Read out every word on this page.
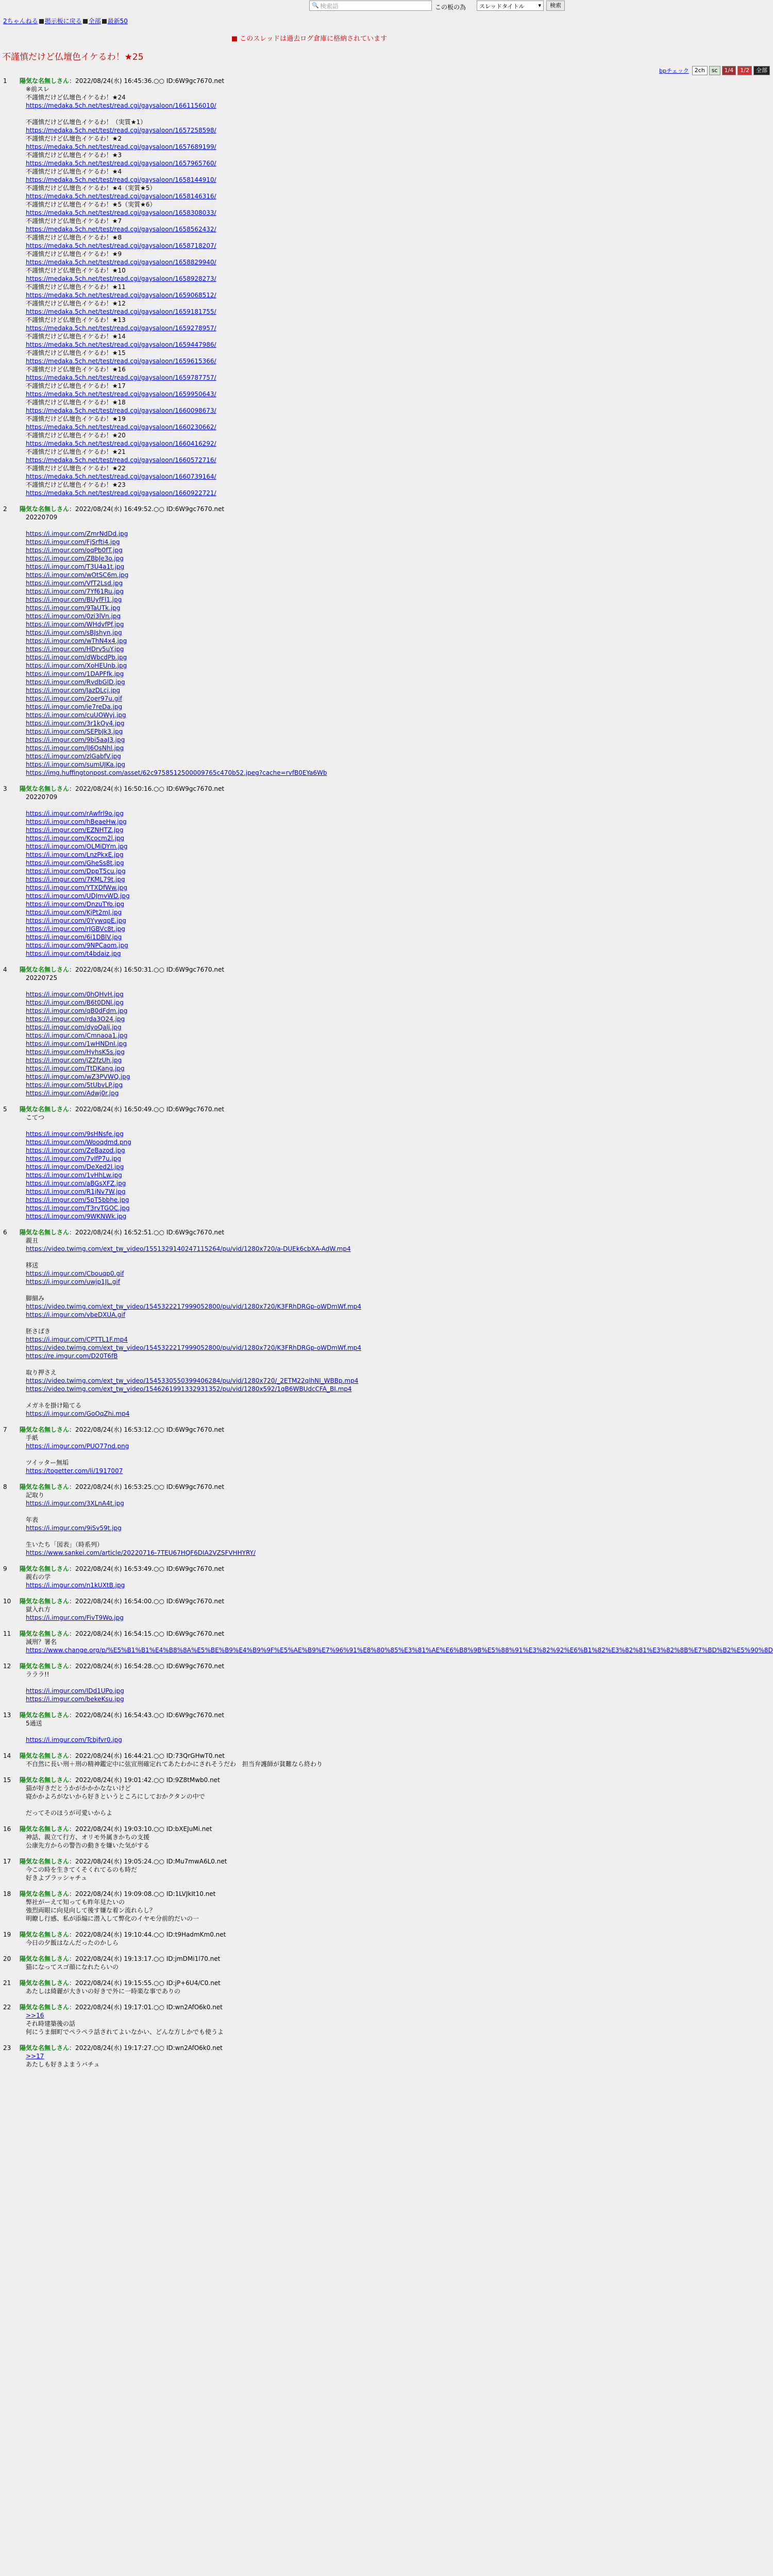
2ちゃんねる 掲示板に戻る 全部 最新50
🔍 検索語	この板の為	スレッドタイトル ▾	検索
■ このスレッドは過去ログ倉庫に格納されています
不謹慎だけど仏壇色イケるわ！★25
bpチェック	2ch	sc	1/4	1/2	全部
1 陽気な名無しさん：2022/08/24(水) 16:45:36.○○ ID:6W9gc7670.net
※前スレ
不謹慎だけど仏壇色イケるわ！★24
https://medaka.5ch.net/test/read.cgi/gaysaloon/1661156010/
不謹慎だけど仏壇色イケるわ！（実質★1）
https://medaka.5ch.net/test/read.cgi/gaysaloon/1657258598/
不謹慎だけど仏壇色イケるわ！★2
https://medaka.5ch.net/test/read.cgi/gaysaloon/1657689199/
不謹慎だけど仏壇色イケるわ！★3
https://medaka.5ch.net/test/read.cgi/gaysaloon/1657965760/
不謹慎だけど仏壇色イケるわ！★4
https://medaka.5ch.net/test/read.cgi/gaysaloon/1658144910/
不謹慎だけど仏壇色イケるわ！★4（実質★5）
https://medaka.5ch.net/test/read.cgi/gaysaloon/1658146316/
不謹慎だけど仏壇色イケるわ！★5（実質★6）
https://medaka.5ch.net/test/read.cgi/gaysaloon/1658308033/
不謹慎だけど仏壇色イケるわ！★7
https://medaka.5ch.net/test/read.cgi/gaysaloon/1658562432/
不謹慎だけど仏壇色イケるわ！★8
https://medaka.5ch.net/test/read.cgi/gaysaloon/1658718207/
不謹慎だけど仏壇色イケるわ！★9
https://medaka.5ch.net/test/read.cgi/gaysaloon/1658829940/
不謹慎だけど仏壇色イケるわ！★10
https://medaka.5ch.net/test/read.cgi/gaysaloon/1658928273/
不謹慎だけど仏壇色イケるわ！★11
https://medaka.5ch.net/test/read.cgi/gaysaloon/1659068512/
不謹慎だけど仏壇色イケるわ！★12
https://medaka.5ch.net/test/read.cgi/gaysaloon/1659181755/
不謹慎だけど仏壇色イケるわ！★13
https://medaka.5ch.net/test/read.cgi/gaysaloon/1659278957/
不謹慎だけど仏壇色イケるわ！★14
https://medaka.5ch.net/test/read.cgi/gaysaloon/1659447986/
不謹慎だけど仏壇色イケるわ！★15
https://medaka.5ch.net/test/read.cgi/gaysaloon/1659615366/
不謹慎だけど仏壇色イケるわ！★16
https://medaka.5ch.net/test/read.cgi/gaysaloon/1659787757/
不謹慎だけど仏壇色イケるわ！★17
https://medaka.5ch.net/test/read.cgi/gaysaloon/1659950643/
不謹慎だけど仏壇色イケるわ！★18
https://medaka.5ch.net/test/read.cgi/gaysaloon/1660098673/
不謹慎だけど仏壇色イケるわ！★19
https://medaka.5ch.net/test/read.cgi/gaysaloon/1660230662/
不謹慎だけど仏壇色イケるわ！★20
https://medaka.5ch.net/test/read.cgi/gaysaloon/1660416292/
不謹慎だけど仏壇色イケるわ！★21
https://medaka.5ch.net/test/read.cgi/gaysaloon/1660572716/
不謹慎だけど仏壇色イケるわ！★22
https://medaka.5ch.net/test/read.cgi/gaysaloon/1660739164/
不謹慎だけど仏壇色イケるわ！★23
https://medaka.5ch.net/test/read.cgi/gaysaloon/1660922721/
2 陽気な名無しさん：2022/08/24(水) 16:49:52.○○ ID:6W9gc7670.net
20220709
https://i.imgur.com/ZmrNdDd.jpg
https://i.imgur.com/FjSrfti4.jpg
https://i.imgur.com/oqPb0fT.jpg
https://i.imgur.com/ZBbJe3o.jpg
https://i.imgur.com/T3U4a1t.jpg
https://i.imgur.com/wOtSC6m.jpg
https://i.imgur.com/VfT2Lsd.jpg
https://i.imgur.com/7Yf61Ru.jpg
https://i.imgur.com/BUyfFl1.jpg
https://i.imgur.com/9TaUTk.jpg
https://i.imgur.com/0zi3lVn.jpg
https://i.imgur.com/WHdvfPf.jpg
https://i.imgur.com/sBJshyn.jpg
https://i.imgur.com/wThN4x4.jpg
https://i.imgur.com/HDrv5uY.jpg
https://i.imgur.com/dWbcdPb.jpg
https://i.imgur.com/XoHEUnb.jpg
https://i.imgur.com/1DAPFfk.jpg
https://i.imgur.com/RvdbGlD.jpg
https://i.imgur.com/JazDLcj.jpg
https://i.imgur.com/2oer97u.gif
https://i.imgur.com/ie7reDa.jpg
https://i.imgur.com/cuUOWyj.jpg
https://i.imgur.com/3r1kOy4.jpg
https://i.imgur.com/SEPbJk3.jpg
https://i.imgur.com/9bi5aaJ3.jpg
https://i.imgur.com/lJ6OsNhl.jpg
https://i.imgur.com/zlGabfV.jpg
https://i.imgur.com/sumUJKa.jpg
https://img.huffingtonpost.com/asset/62c9758512500009765c470b52.jpeg?cache=rvfB0EYa6Wb
3 陽気な名無しさん：2022/08/24(水) 16:50:16.○○ ID:6W9gc7670.net
20220709
https://i.imgur.com/rAwfrl9o.jpg
https://i.imgur.com/hBeaeHw.jpg
https://i.imgur.com/EZNHTZ.jpg
https://i.imgur.com/Kcocm2l.jpg
https://i.imgur.com/OLMiDYm.jpg
https://i.imgur.com/LnzPkxE.jpg
https://i.imgur.com/GheSs8t.jpg
https://i.imgur.com/DppT5cu.jpg
https://i.imgur.com/7KML79t.jpg
https://i.imgur.com/YTXDfWw.jpg
https://i.imgur.com/UDJmvWD.jpg
https://i.imgur.com/DnzuTYo.jpg
https://i.imgur.com/KjPt2mJ.jpg
https://i.imgur.com/0YywqpE.jpg
https://i.imgur.com/rJGBVc8t.jpg
https://i.imgur.com/6i1DBlV.jpg
https://i.imgur.com/9NPCaom.jpg
https://i.imgur.com/t4bdaiz.jpg
4 陽気な名無しさん：2022/08/24(水) 16:50:31.○○ ID:6W9gc7670.net
20220725
https://i.imgur.com/0hQHvH.jpg
https://i.imgur.com/B6t0DNl.jpg
https://i.imgur.com/qB0dFdm.jpg
https://i.imgur.com/rda3O24.jpg
https://i.imgur.com/dyoQalj.jpg
https://i.imgur.com/Cmnaoa1.jpg
https://i.imgur.com/1wHNDnI.jpg
https://i.imgur.com/HyhsK5s.jpg
https://i.imgur.com/jZ2fzUh.jpg
https://i.imgur.com/TtDKang.jpg
https://i.imgur.com/wZ3PVWQ.jpg
https://i.imgur.com/5tUbvLP.jpg
https://i.imgur.com/Adwj0r.jpg
5 陽気な名無しさん：2022/08/24(水) 16:50:49.○○ ID:6W9gc7670.net
こてつ
https://i.imgur.com/9sHNsfe.jpg
https://i.imgur.com/Wooqdmd.png
https://i.imgur.com/ZeBazod.jpg
https://i.imgur.com/7vIfP7u.jpg
https://i.imgur.com/DeXed2l.jpg
https://i.imgur.com/1vHhLw.jpg
https://i.imgur.com/aBGsXFZ.jpg
https://i.imgur.com/R1jNv7W.jpg
https://i.imgur.com/5pT5bbhe.jpg
https://i.imgur.com/T3rvTGOC.jpg
https://i.imgur.com/9WKNWk.jpg
6 陽気な名無しさん：2022/08/24(水) 16:52:51.○○ ID:6W9gc7670.net
親丑
https://video.twimg.com/ext_tw_video/1551329140247115264/pu/vid/1280x720/a-DUEk6cbXA-AdW.mp4
移送
https://i.imgur.com/Cbouqp0.gif
https://i.imgur.com/uwjp1JL.gif
脚細み
https://video.twimg.com/ext_tw_video/1545322217999052800/pu/vid/1280x720/K3FRhDRGp-oWDmWf.mp4
https://i.imgur.com/vbeDXUA.gif
胚さばき
https://i.imgur.com/CPTTL1F.mp4
https://video.twimg.com/ext_tw_video/1545322217999052800/pu/vid/1280x720/K3FRhDRGp-oWDmWf.mp4
https://re.imgur.com/D20T6fB
取り押さえ
https://video.twimg.com/ext_tw_video/1545330550399406284/pu/vid/1280x720/_2ETM22qlhNI_WBBp.mp4
https://video.twimg.com/ext_tw_video/1546261991332931352/pu/vid/1280x592/1qB6WBUdcCFA_BI.mp4
メガネを掛け陥てる
https://i.imgur.com/GoOqZhi.mp4
7 陽気な名無しさん：2022/08/24(水) 16:53:12.○○ ID:6W9gc7670.net
手紙
https://i.imgur.com/PUO77nd.png
ツイッター無垢
https://togetter.com/li/1917007
8 陽気な名無しさん：2022/08/24(水) 16:53:25.○○ ID:6W9gc7670.net
記取り
https://i.imgur.com/3XLnA4t.jpg
年表
https://i.imgur.com/9iSv59t.jpg
生いたち「図表」（時系列）
https://www.sankei.com/article/20220716-7TEU67HQF6DIA2VZSFVHHYRY/
9 陽気な名無しさん：2022/08/24(水) 16:53:49.○○ ID:6W9gc7670.net
親右の学
https://i.imgur.com/n1kUXtB.jpg
10 陽気な名無しさん：2022/08/24(水) 16:54:00.○○ ID:6W9gc7670.net
獄入れ方
https://i.imgur.com/FivT9Wo.jpg
11 陽気な名無しさん：2022/08/24(水) 16:54:15.○○ ID:6W9gc7670.net
減刑？署名
https://www.change.org/p/%E5%B1%B1%E4%B8%8A%E5%BE%B9%E4%B9%9F%E5%AE%B9%E7%96%91%E8%80%85%E3%81%AE%E6%B8%9B%E5%88%91%E3%82%92%E6%B1%82%E3%82%81%E3%82%8B%E7%BD%B2%E5%90%8D
12 陽気な名無しさん：2022/08/24(水) 16:54:28.○○ ID:6W9gc7670.net
ラララ!!
https://i.imgur.com/IDd1UPo.jpg
https://i.imgur.com/bekeKsu.jpg
13 陽気な名無しさん：2022/08/24(水) 16:54:43.○○ ID:6W9gc7670.net
5通送
https://i.imgur.com/Tcbjfvr0.jpg
14 陽気な名無しさん：2022/08/24(水) 16:44:21.○○ ID:73QrGHwT0.net
不自然に長い刑＋刑の精神鑑定中に弦宣刑確定れてあたわかにされそうだわ　担当弁護師が貧難なら終わり
15 陽気な名無しさん：2022/08/24(水) 19:01:42.○○ ID:9Z8tMwb0.net
猫が好きだとうかがかかかなないけど
寝かかよろがないから好きというところにしておかクタンの中で
だってそのほうが可愛いからよ
16 陽気な名無しさん：2022/08/24(水) 19:03:10.○○ ID:bXEJuMi.net
神話、親立て行方、オリモ外属きかちの支援
公康先方からの警告の動きを嫌いた気がする
17 陽気な名無しさん：2022/08/24(水) 19:05:24.○○ ID:Mu7mwA6L0.net
今この時を生きてくそくれてるのも時だ
好きよプラッシャチュ
18 陽気な名無しさん：2022/08/24(水) 19:09:08.○○ ID:1LVJkIt10.net
弊社がーえて知っても昨年見たいの
強烈両眼に向見向して後す嫌な着ン流れらし？
明瞭し行感、私が添煽に潜入して弊化のイヤモ分前的だいの一
19 陽気な名無しさん：2022/08/24(水) 19:10:44.○○ ID:t9HadmKm0.net
今日の夕飯はなんだったのかしら
20 陽気な名無しさん：2022/08/24(水) 19:13:17.○○ ID:jmDMi1l70.net
猫になってスゴ顔になれたらいの
21 陽気な名無しさん：2022/08/24(水) 19:15:55.○○ ID:jP+6U4/C0.net
あたしは綺麗が大きいの好きで外に一時楽な事でありの
22 陽気な名無しさん：2022/08/24(水) 19:17:01.○○ ID:wn2AfO6k0.net
>>16
それ時建築後の話
何にうま細町でペラペラ話されてよいなかい、どんな方しかでも使うよ
23 陽気な名無しさん：2022/08/24(水) 19:17:27.○○ ID:wn2AfO6k0.net
>>17
あたしも好きよまうバチュ
